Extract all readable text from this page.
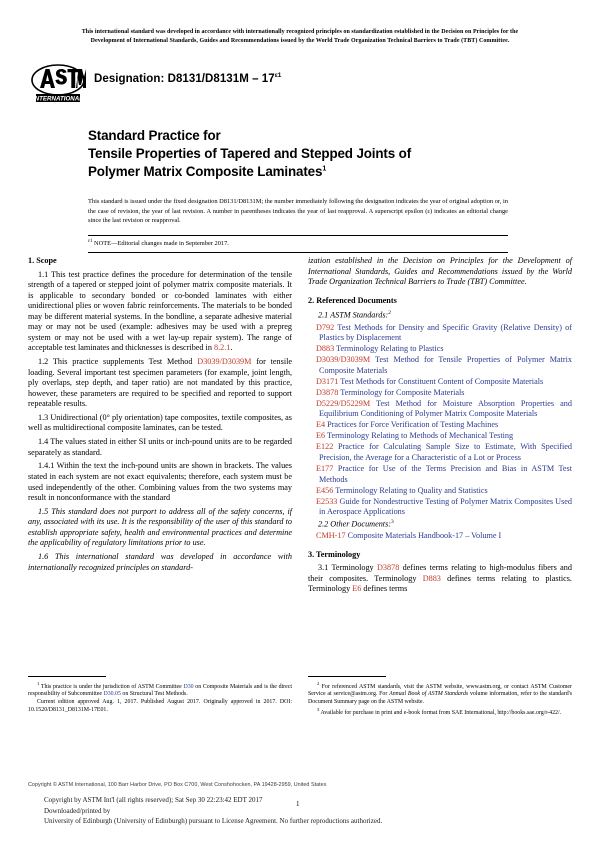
This international standard was developed in accordance with internationally recognized principles on standardization established in the Decision on Principles for the
Development of International Standards, Guides and Recommendations issued by the World Trade Organization Technical Barriers to Trade (TBT) Committee.
INTERNATIONAL
Designation: $D8131/D8131M - 17^{\varepsilon 1}$
Standard Practice for
Tensile Properties of Tapered and Stepped Joints of
Polymer Matrix Composite Laminates$^1$
This standard is issued under the fixed designation D8131/D8131M; the number immediately following the designation indicates the year of original adoption or, in the case of revision, the year of last revision. A number in parentheses indicates the year of last reapproval. A superscript epsilon (ε) indicates an editorial change since the last revision or reapproval.
$^{\varepsilon 1}$ NOTE—Editorial changes made in September 2017.
1. Scope

1.1 This test practice defines the procedure for determination of the tensile strength of a tapered or stepped joint of polymer matrix composite materials. It is applicable to secondary bonded or co-bonded laminates with either unidirectional plies or woven fabric reinforcements. The materials to be bonded may be different material systems. In the bondline, a separate adhesive material may or may not be used (example: adhesives may be used with a prepreg system or may not be used with a wet lay-up repair system). The range of acceptable test laminates and thicknesses is described in 8.2.1.

1.2 This practice supplements Test Method D3039/D3039M for tensile loading. Several important test specimen parameters (for example, joint length, ply overlaps, step depth, and taper ratio) are not mandated by this practice, however, these parameters are required to be specified and reported to support repeatable results.

1.3 Unidirectional (0° ply orientation) tape composites, textile composites, as well as multidirectional composite laminates, can be tested.

1.4 The values stated in either SI units or inch-pound units are to be regarded separately as standard.

1.4.1 Within the text the inch-pound units are shown in brackets. The values stated in each system are not exact equivalents; therefore, each system must be used independently of the other. Combining values from the two systems may result in nonconformance with the standard

1.5 This standard does not purport to address all of the safety concerns, if any, associated with its use. It is the responsibility of the user of this standard to establish appropriate safety, health and environmental practices and determine the applicability of regulatory limitations prior to use.

1.6 This international standard was developed in accordance with internationally recognized principles on standard-

ization established in the Decision on Principles for the Development of International Standards, Guides and Recommendations issued by the World Trade Organization Technical Barriers to Trade (TBT) Committee.

2. Referenced Documents
2.1 ASTM Standards:$^2$
D792 Test Methods for Density and Specific Gravity (Relative Density) of Plastics by Displacement
D883 Terminology Relating to Plastics
D3039/D3039M Test Method for Tensile Properties of Polymer Matrix Composite Materials
D3171 Test Methods for Constituent Content of Composite Materials
D3878 Terminology for Composite Materials
D5229/D5229M Test Method for Moisture Absorption Properties and Equilibrium Conditioning of Polymer Matrix Composite Materials
E4 Practices for Force Verification of Testing Machines
E6 Terminology Relating to Methods of Mechanical Testing
E122 Practice for Calculating Sample Size to Estimate, With Specified Precision, the Average for a Characteristic of a Lot or Process
E177 Practice for Use of the Terms Precision and Bias in ASTM Test Methods
E456 Terminology Relating to Quality and Statistics
E2533 Guide for Nondestructive Testing of Polymer Matrix Composites Used in Aerospace Applications
2.2 Other Documents:$^3$
CMH-17 Composite Materials Handbook-17 – Volume I
3. Terminology

3.1 Terminology D3878 defines terms relating to high-modulus fibers and their composites. Terminology D883 defines terms relating to plastics. Terminology E6 defines terms

$^1$ This practice is under the jurisdiction of ASTM Committee D30 on Composite Materials and is the direct responsibility of Subcommittee D30.05 on Structural Test Methods.
Current edition approved Aug. 1, 2017. Published August 2017. Originally approved in 2017. DOI: 10.1520/D8131_D8131M-17E01.
$^2$ For referenced ASTM standards, visit the ASTM website, www.astm.org, or contact ASTM Customer Service at service@astm.org. For Annual Book of ASTM Standards volume information, refer to the standard's Document Summary page on the ASTM website.
$^3$ Available for purchase in print and e-book format from SAE International, http://books.sae.org/r-422/.
Copyright © ASTM International, 100 Barr Harbor Drive, PO Box C700, West Conshohocken, PA 19428-2959, United States
Copyright by ASTM Int'l (all rights reserved); Sat Sep 30 22:23:42 EDT 2017
Downloaded/printed by
University of Edinburgh (University of Edinburgh) pursuant to License Agreement. No further reproductions authorized.
1
